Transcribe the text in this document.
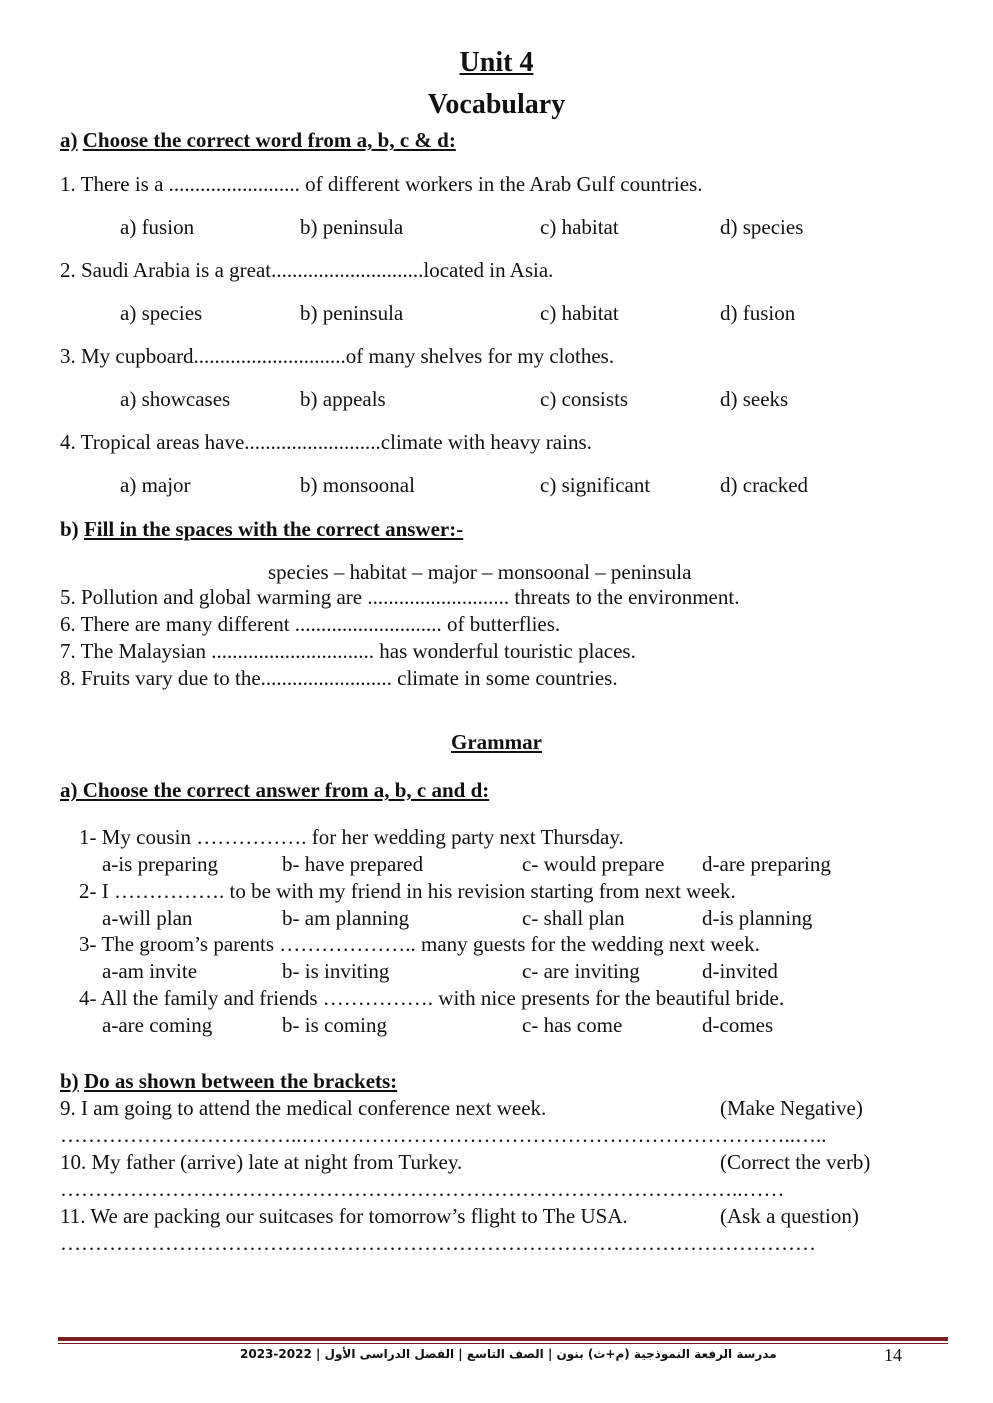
Unit 4
Vocabulary
a) Choose the correct word from a, b, c & d:
b) Fill in the spaces with the correct answer:-
species – habitat – major – monsoonal – peninsula
5. Pollution and global warming are ........................... threats to the environment.
6. There are many different ............................ of butterflies.
7. The Malaysian ............................... has wonderful touristic places.
8. Fruits vary due to the......................... climate in some countries.
Grammar
a) Choose the correct answer from a, b, c and d:
b) Do as shown between the brackets:
مدرسة الرفعة النموذجية (م+ث) بنون | الصف التاسع | الفصل الدراسى الأول | 2022-2023	14
1. There is a ......................... of different workers in the Arab Gulf countries.
a) fusion	b) peninsula	c) habitat	d) species
2. Saudi Arabia is a great.............................located in Asia.
a) species	b) peninsula	c) habitat	d) fusion
3. My cupboard.............................of many shelves for my clothes.
a) showcases	b) appeals	c) consists	d) seeks
4. Tropical areas have..........................climate with heavy rains.
a) major	b) monsoonal	c) significant	d) cracked
1- My cousin ……………. for her wedding party next Thursday.
a-is preparing	b- have prepared	c- would prepare d-are preparing
2- I ……………. to be with my friend in his revision starting from next week.
a-will plan	b- am planning	c- shall plan	d-is planning
3- The groom’s parents ……………….. many guests for the wedding next week.
a-am invite	b- is inviting	c- are inviting	d-invited
4- All the family and friends ……………. with nice presents for the beautiful bride.
a-are coming	b- is coming	c- has come	d-comes
9. I am going to attend the medical conference next week.	(Make Negative)
……………………………..……………………………………………………………..…..
10. My father (arrive) late at night from Turkey.	(Correct the verb)
……………………………………………………………………………………..……
11. We are packing our suitcases for tomorrow’s flight to The USA.	(Ask a question)
………………………………………………………………………………………………
